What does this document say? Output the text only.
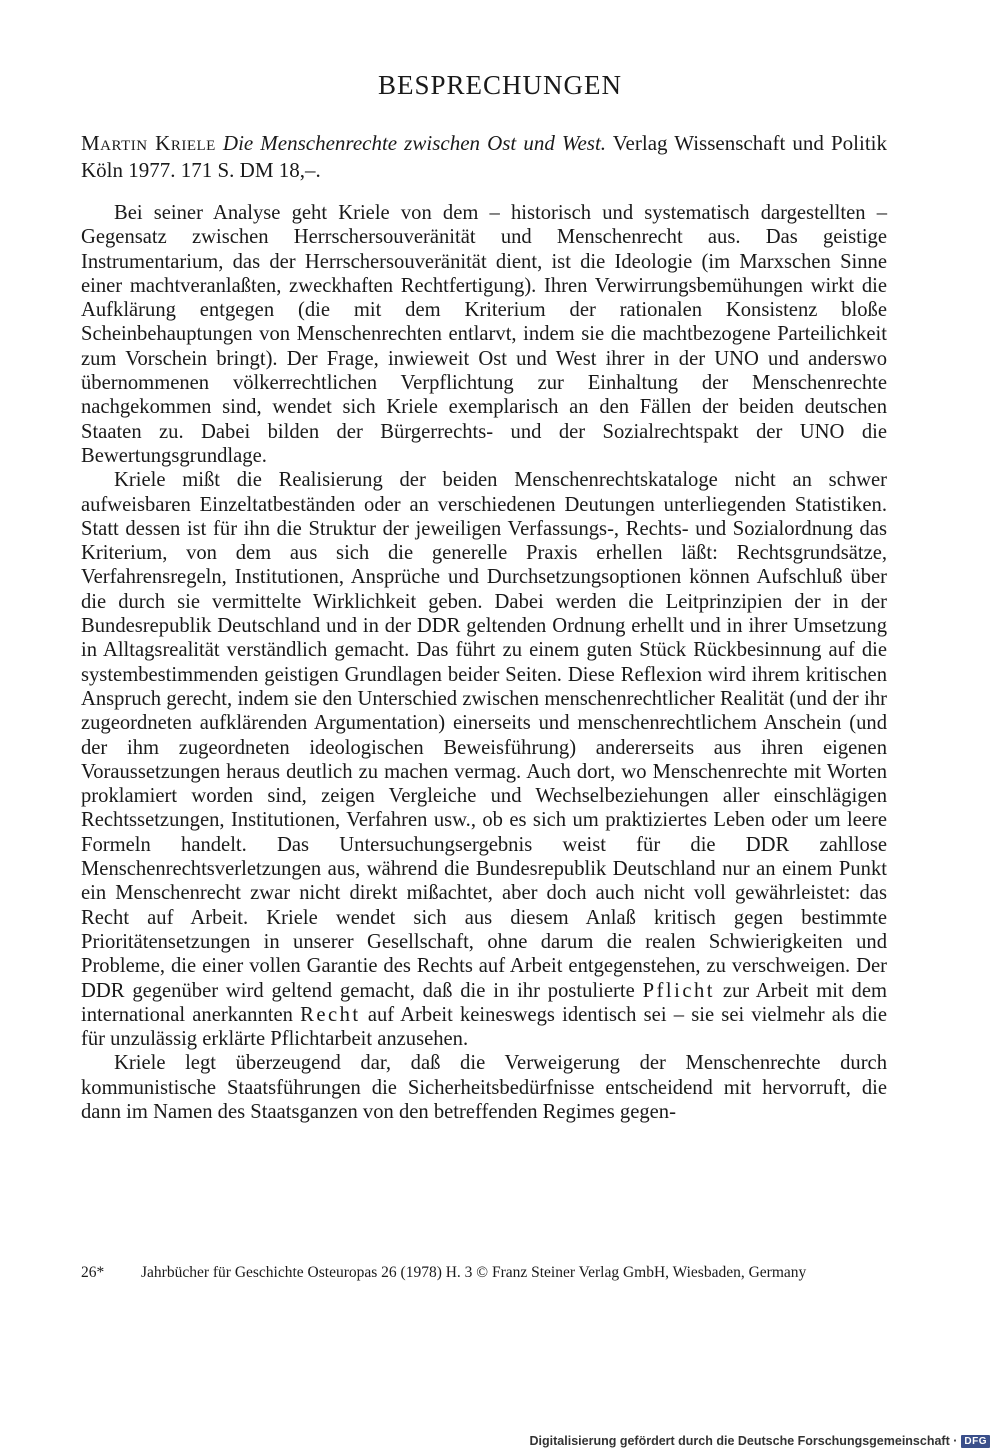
BESPRECHUNGEN

Martin Kriele Die Menschenrechte zwischen Ost und West. Verlag Wissenschaft und Politik Köln 1977. 171 S. DM 18,–.

Bei seiner Analyse geht Kriele von dem – historisch und systematisch dargestellten – Gegensatz zwischen Herrschersouveränität und Menschenrecht aus. Das geistige Instrumentarium, das der Herrschersouveränität dient, ist die Ideologie (im Marxschen Sinne einer machtveranlaßten, zweckhaften Rechtfertigung). Ihren Verwirrungsbemühungen wirkt die Aufklärung entgegen (die mit dem Kriterium der rationalen Konsistenz bloße Scheinbehauptungen von Menschenrechten entlarvt, indem sie die machtbezogene Parteilichkeit zum Vorschein bringt). Der Frage, inwieweit Ost und West ihrer in der UNO und anderswo übernommenen völkerrechtlichen Verpflichtung zur Einhaltung der Menschenrechte nachgekommen sind, wendet sich Kriele exemplarisch an den Fällen der beiden deutschen Staaten zu. Dabei bilden der Bürgerrechts- und der Sozialrechtspakt der UNO die Bewertungsgrundlage.

Kriele mißt die Realisierung der beiden Menschenrechtskataloge nicht an schwer aufweisbaren Einzeltatbeständen oder an verschiedenen Deutungen unterliegenden Statistiken. Statt dessen ist für ihn die Struktur der jeweiligen Verfassungs-, Rechts- und Sozialordnung das Kriterium, von dem aus sich die generelle Praxis erhellen läßt: Rechtsgrundsätze, Verfahrensregeln, Institutionen, Ansprüche und Durchsetzungsoptionen können Aufschluß über die durch sie vermittelte Wirklichkeit geben. Dabei werden die Leitprinzipien der in der Bundesrepublik Deutschland und in der DDR geltenden Ordnung erhellt und in ihrer Umsetzung in Alltagsrealität verständlich gemacht. Das führt zu einem guten Stück Rückbesinnung auf die systembestimmenden geistigen Grundlagen beider Seiten. Diese Reflexion wird ihrem kritischen Anspruch gerecht, indem sie den Unterschied zwischen menschenrechtlicher Realität (und der ihr zugeordneten aufklärenden Argumentation) einerseits und menschenrechtlichem Anschein (und der ihm zugeordneten ideologischen Beweisführung) andererseits aus ihren eigenen Voraussetzungen heraus deutlich zu machen vermag. Auch dort, wo Menschenrechte mit Worten proklamiert worden sind, zeigen Vergleiche und Wechselbeziehungen aller einschlägigen Rechtssetzungen, Institutionen, Verfahren usw., ob es sich um praktiziertes Leben oder um leere Formeln handelt. Das Untersuchungsergebnis weist für die DDR zahllose Menschenrechtsverletzungen aus, während die Bundesrepublik Deutschland nur an einem Punkt ein Menschenrecht zwar nicht direkt mißachtet, aber doch auch nicht voll gewährleistet: das Recht auf Arbeit. Kriele wendet sich aus diesem Anlaß kritisch gegen bestimmte Prioritätensetzungen in unserer Gesellschaft, ohne darum die realen Schwierigkeiten und Probleme, die einer vollen Garantie des Rechts auf Arbeit entgegenstehen, zu verschweigen. Der DDR gegenüber wird geltend gemacht, daß die in ihr postulierte Pflicht zur Arbeit mit dem international anerkannten Recht auf Arbeit keineswegs identisch sei – sie sei vielmehr als die für unzulässig erklärte Pflichtarbeit anzusehen.

Kriele legt überzeugend dar, daß die Verweigerung der Menschenrechte durch kommunistische Staatsführungen die Sicherheitsbedürfnisse entscheidend mit hervorruft, die dann im Namen des Staatsganzen von den betreffenden Regimes gegen-

26* Jahrbücher für Geschichte Osteuropas 26 (1978) H. 3 © Franz Steiner Verlag GmbH, Wiesbaden, Germany
Digitalisierung gefördert durch die Deutsche Forschungsgemeinschaft · DFG
